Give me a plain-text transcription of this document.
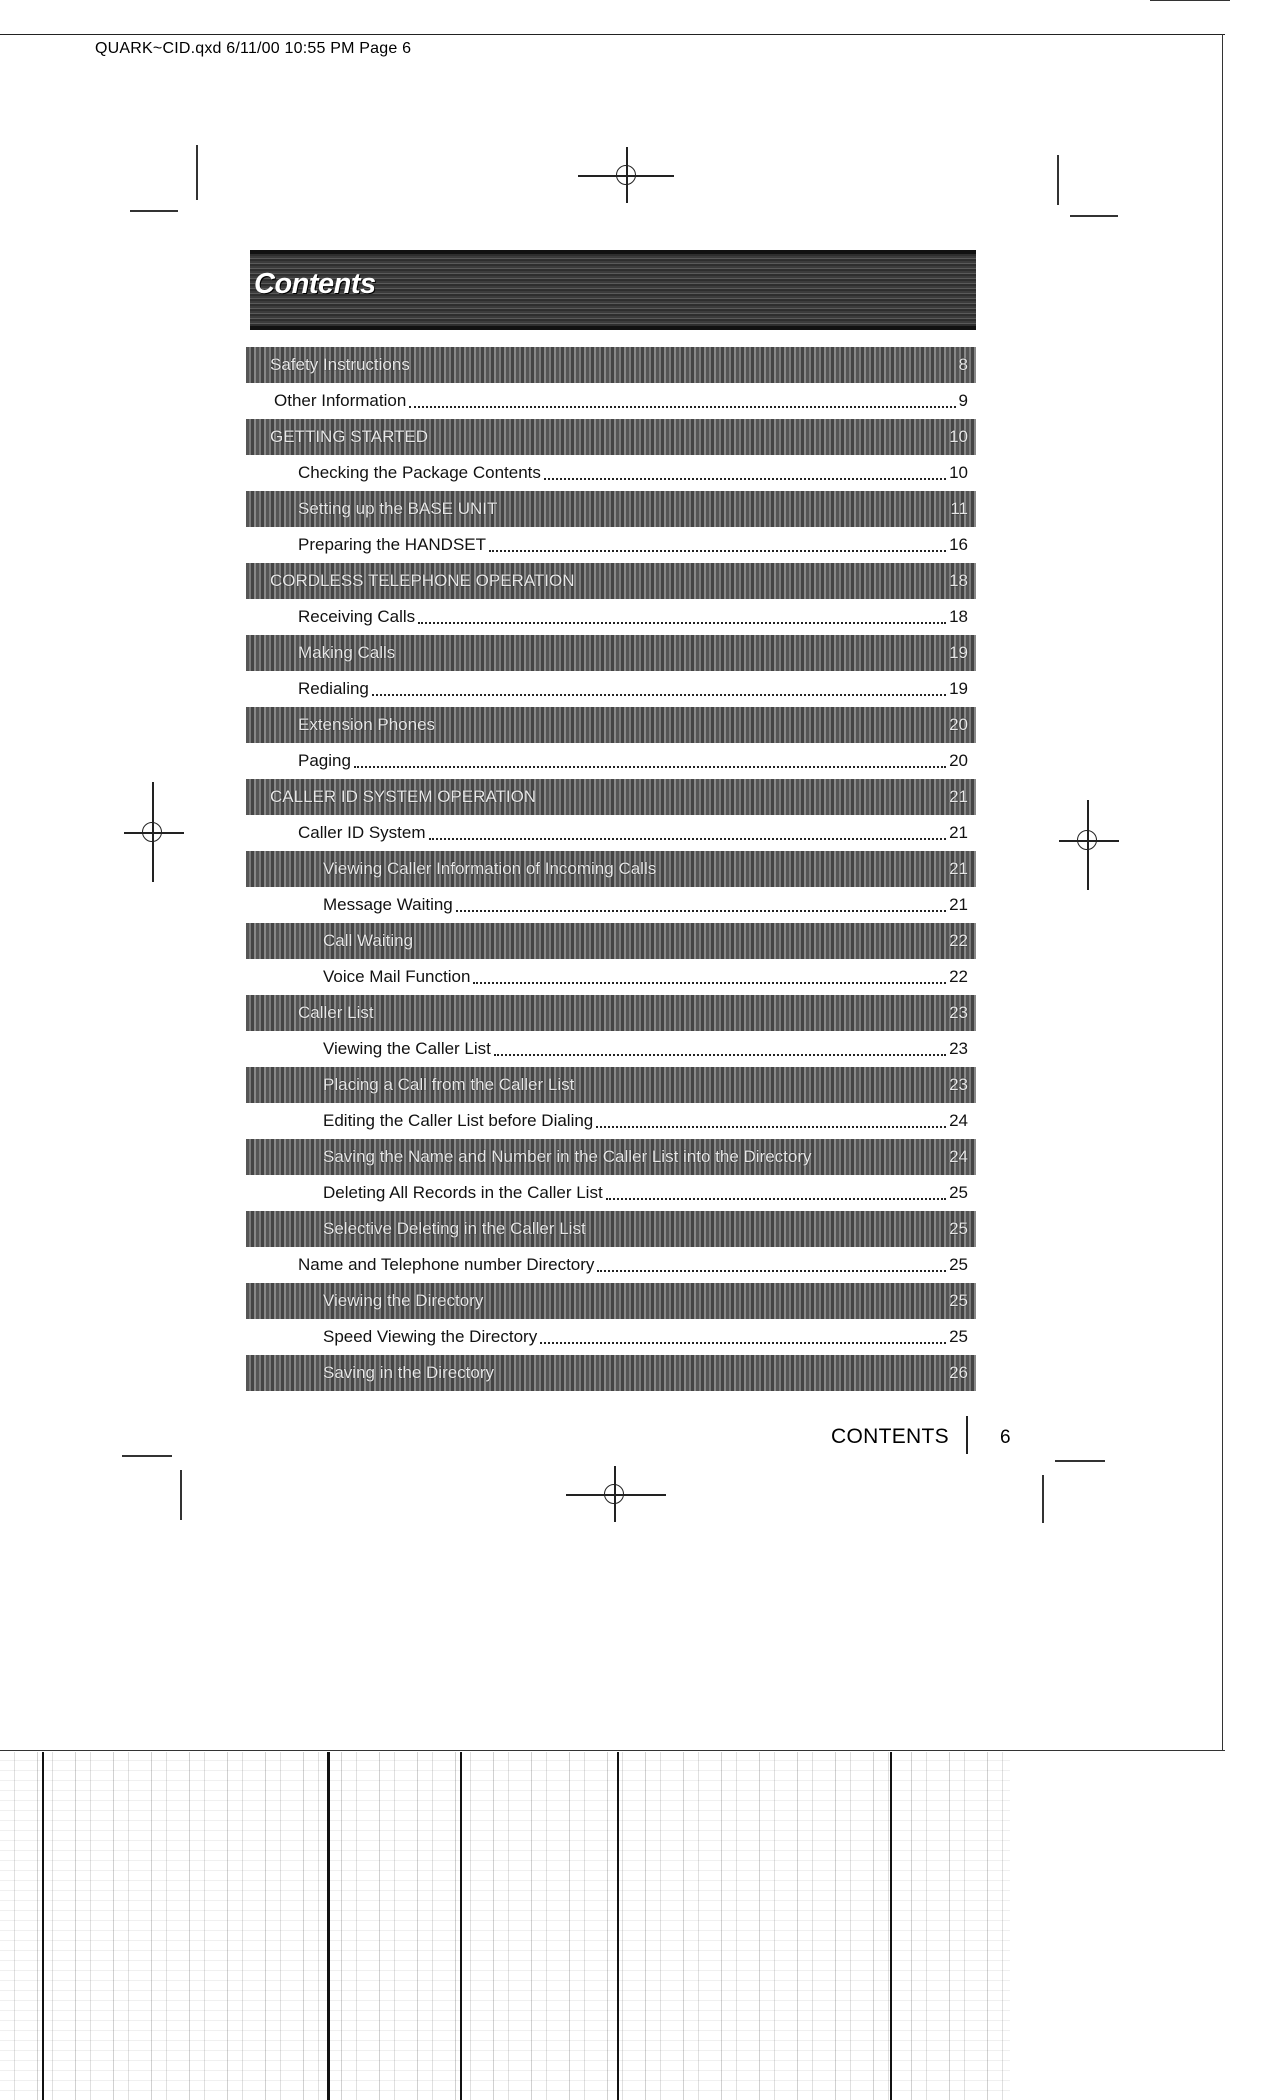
QUARK~CID.qxd 6/11/00 10:55 PM Page 6
Contents
Safety Instructions	8
Other Information	9
GETTING STARTED	10
Checking the Package Contents	10
Setting up the BASE UNIT	11
Preparing the HANDSET	16
CORDLESS TELEPHONE OPERATION	18
Receiving Calls	18
Making Calls	19
Redialing	19
Extension Phones	20
Paging	20
CALLER ID SYSTEM OPERATION	21
Caller ID System	21
Viewing Caller Information of Incoming Calls	21
Message Waiting	21
Call Waiting	22
Voice Mail Function	22
Caller List	23
Viewing the Caller List	23
Placing a Call from the Caller List	23
Editing the Caller List before Dialing	24
Saving the Name and Number in the Caller List into the Directory	24
Deleting All Records in the Caller List	25
Selective Deleting in the Caller List	25
Name and Telephone number Directory	25
Viewing the Directory	25
Speed Viewing the Directory	25
Saving in the Directory	26
CONTENTS	6
